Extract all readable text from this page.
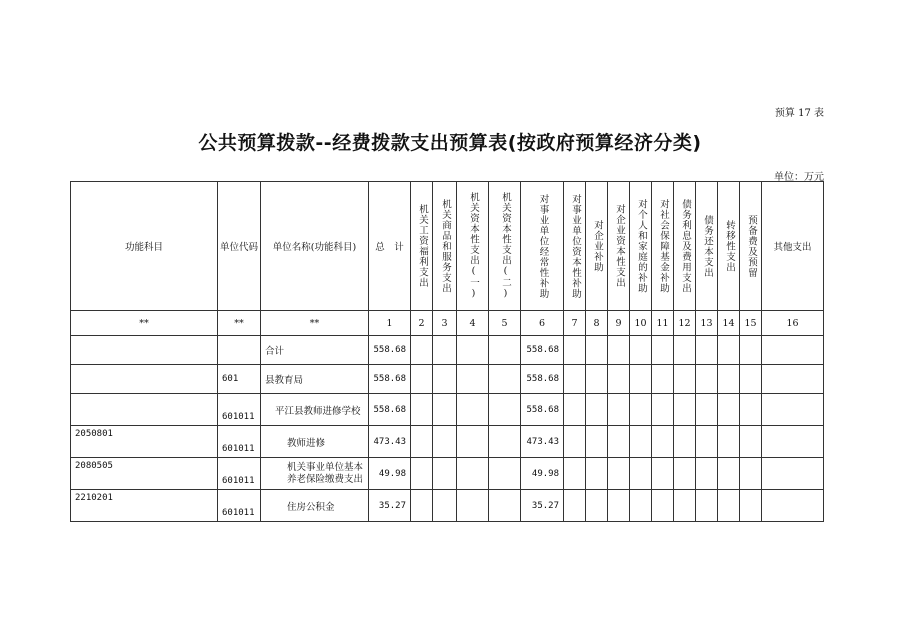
预算 17 表
公共预算拨款--经费拨款支出预算表(按政府预算经济分类)
单位：万元
功能科目	单位代码	单位名称(功能科目)	总　计	机关工资福利支出	机关商品和服务支出	机关资本性支出(一)	机关资本性支出(二)	对事业单位经常性补助	对事业单位资本性补助	对企业补助	对企业资本性支出	对个人和家庭的补助	对社会保障基金补助	债务利息及费用支出	债务还本支出	转移性支出	预备费及预留	其他支出
**	**	**	1	2	3	4	5	6	7	8	9	10	11	12	13	14	15	16
		合计	558.68					558.68										
	601	县教育局	558.68					558.68										
	601011	平江县教师进修学校	558.68					558.68										
2050801	601011	教师进修	473.43					473.43										
2080505	601011	机关事业单位基本养老保险缴费支出	49.98					49.98										
2210201	601011	住房公积金	35.27					35.27										
